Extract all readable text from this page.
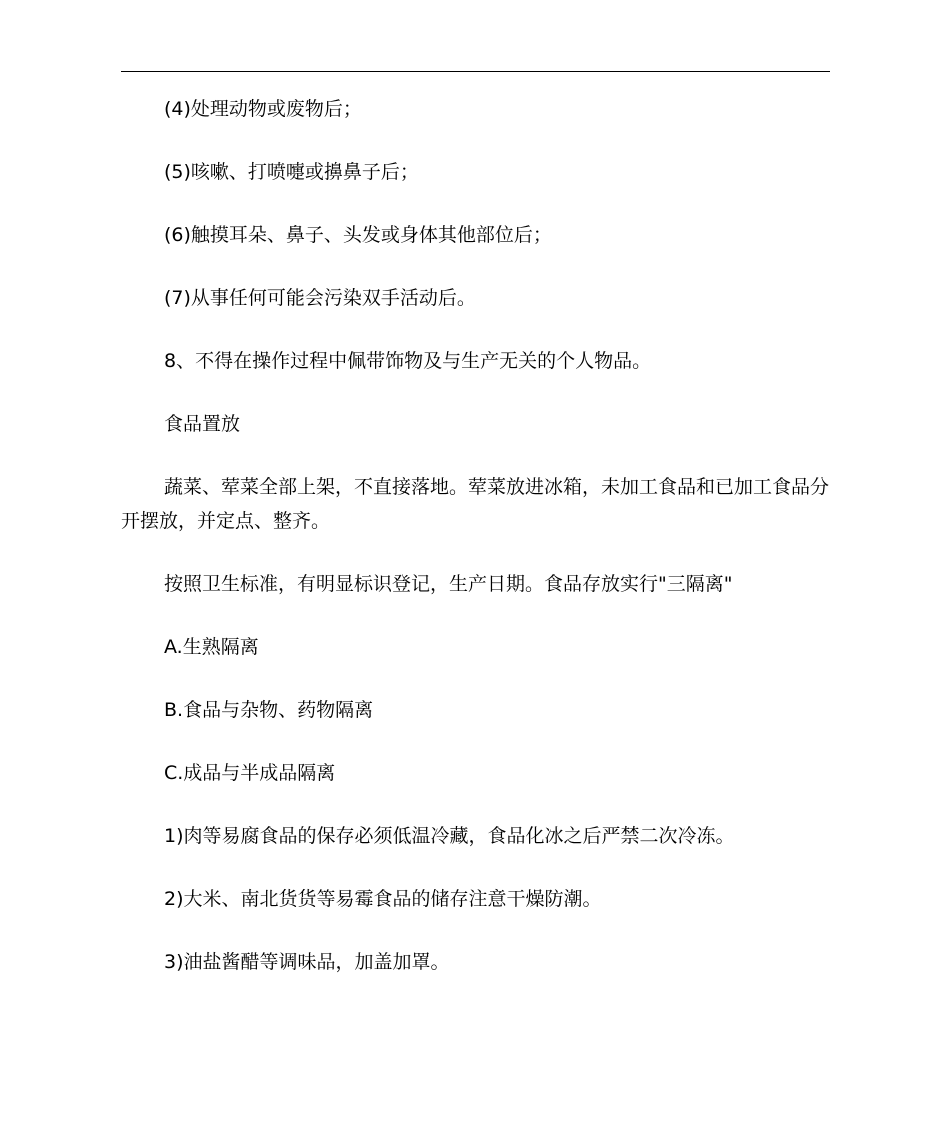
(4)处理动物或废物后；

(5)咳嗽、打喷嚏或擤鼻子后；

(6)触摸耳朵、鼻子、头发或身体其他部位后；

(7)从事任何可能会污染双手活动后。

8、不得在操作过程中佩带饰物及与生产无关的个人物品。

食品置放

蔬菜、荤菜全部上架，不直接落地。荤菜放进冰箱，未加工食品和已加工食品分开摆放，并定点、整齐。

按照卫生标准，有明显标识登记，生产日期。食品存放实行"三隔离"

A.生熟隔离

B.食品与杂物、药物隔离

C.成品与半成品隔离

1)肉等易腐食品的保存必须低温冷藏，食品化冰之后严禁二次冷冻。

2)大米、南北货货等易霉食品的储存注意干燥防潮。

3)油盐酱醋等调味品，加盖加罩。
